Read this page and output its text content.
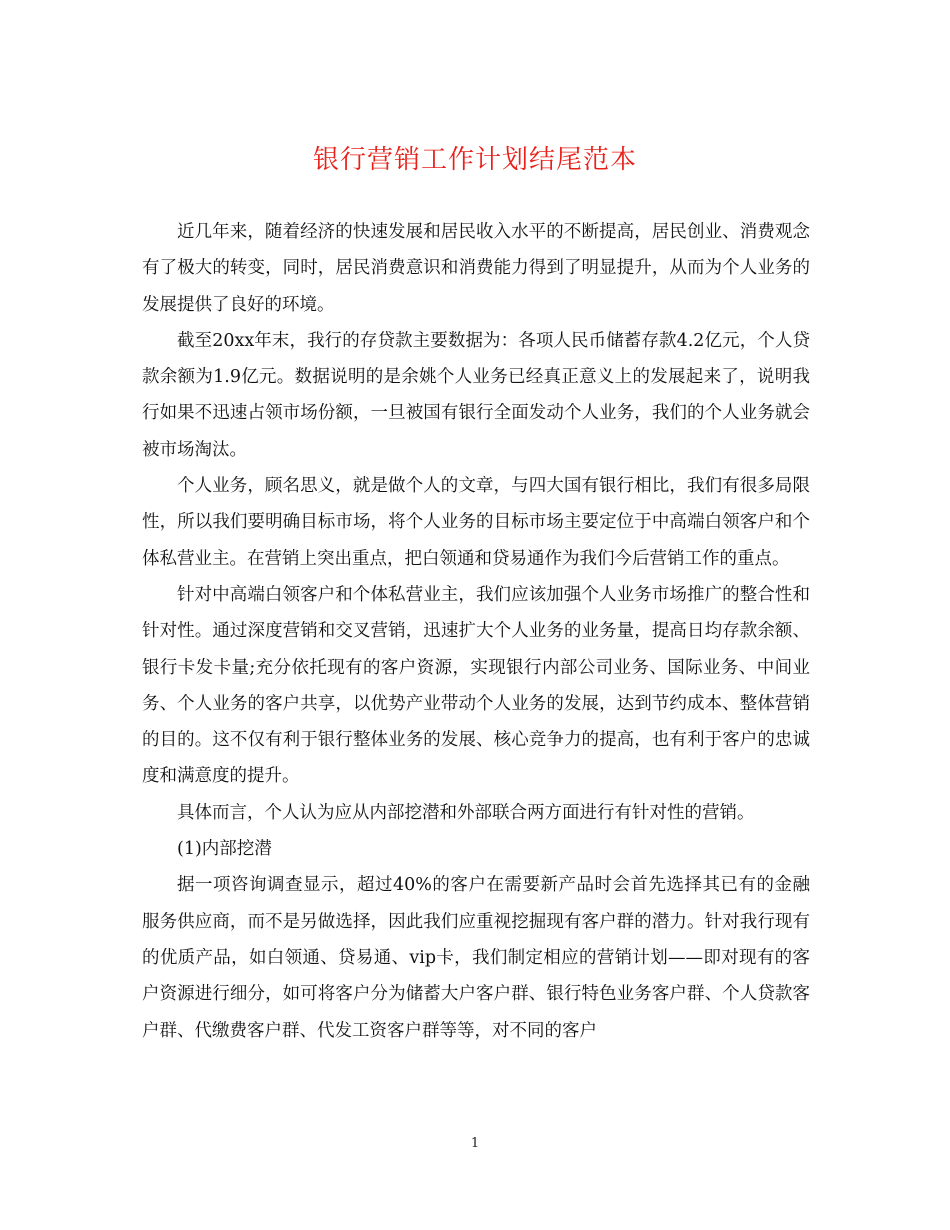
银行营销工作计划结尾范本

近几年来，随着经济的快速发展和居民收入水平的不断提高，居民创业、消费观念有了极大的转变，同时，居民消费意识和消费能力得到了明显提升，从而为个人业务的发展提供了良好的环境。

截至20xx年末，我行的存贷款主要数据为：各项人民币储蓄存款4.2亿元，个人贷款余额为1.9亿元。数据说明的是余姚个人业务已经真正意义上的发展起来了，说明我行如果不迅速占领市场份额，一旦被国有银行全面发动个人业务，我们的个人业务就会被市场淘汰。

个人业务，顾名思义，就是做个人的文章，与四大国有银行相比，我们有很多局限性，所以我们要明确目标市场，将个人业务的目标市场主要定位于中高端白领客户和个体私营业主。在营销上突出重点，把白领通和贷易通作为我们今后营销工作的重点。

针对中高端白领客户和个体私营业主，我们应该加强个人业务市场推广的整合性和针对性。通过深度营销和交叉营销，迅速扩大个人业务的业务量，提高日均存款余额、银行卡发卡量;充分依托现有的客户资源，实现银行内部公司业务、国际业务、中间业务、个人业务的客户共享，以优势产业带动个人业务的发展，达到节约成本、整体营销的目的。这不仅有利于银行整体业务的发展、核心竞争力的提高，也有利于客户的忠诚度和满意度的提升。

具体而言，个人认为应从内部挖潜和外部联合两方面进行有针对性的营销。

(1)内部挖潜

据一项咨询调查显示，超过40%的客户在需要新产品时会首先选择其已有的金融服务供应商，而不是另做选择，因此我们应重视挖掘现有客户群的潜力。针对我行现有的优质产品，如白领通、贷易通、vip卡，我们制定相应的营销计划——即对现有的客户资源进行细分，如可将客户分为储蓄大户客户群、银行特色业务客户群、个人贷款客户群、代缴费客户群、代发工资客户群等等，对不同的客户

1
